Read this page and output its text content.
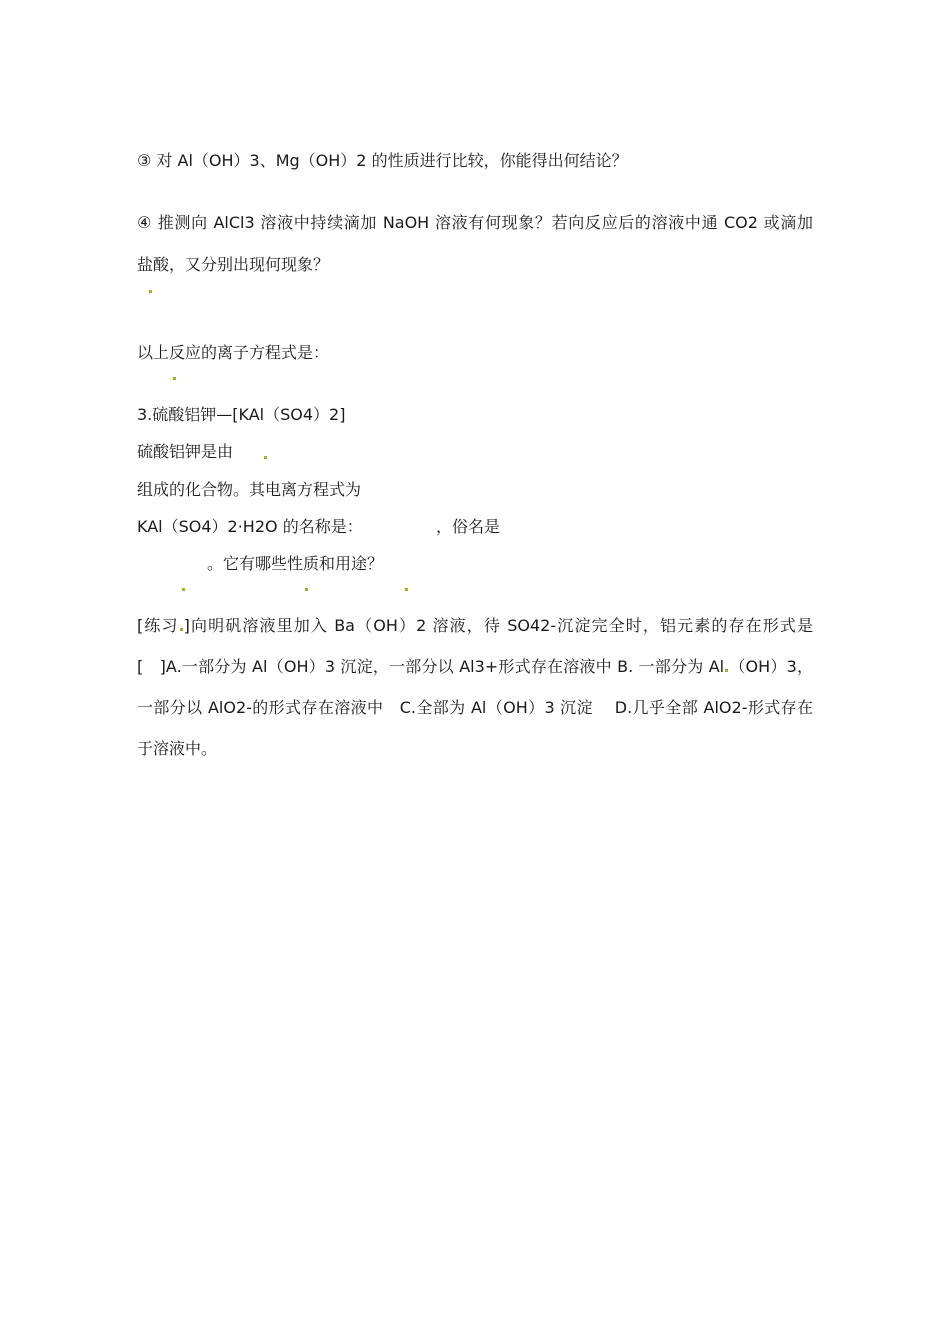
③ 对 Al（OH）3、Mg（OH）2 的性质进行比较，你能得出何结论？
④ 推测向 AlCl3 溶液中持续滴加 NaOH 溶液有何现象？若向反应后的溶液中通 CO2 或滴加
盐酸，又分别出现何现象？
以上反应的离子方程式是：
3.硫酸铝钾—[KAl（SO4）2]
硫酸铝钾是由
组成的化合物。其电离方程式为
KAl（SO4）2·H2O 的名称是：	，俗名是
。它有哪些性质和用途？
[练习 ]向明矾溶液里加入 Ba（OH）2 溶液，待 SO42-沉淀完全时，铝元素的存在形式是
[　]A.一部分为 Al（OH）3 沉淀，一部分以 Al3+形式存在溶液中 B. 一部分为 Al （OH）3，
一部分以 AlO2-的形式存在溶液中　C.全部为 Al（OH）3 沉淀　 D.几乎全部 AlO2-形式存在
于溶液中。
